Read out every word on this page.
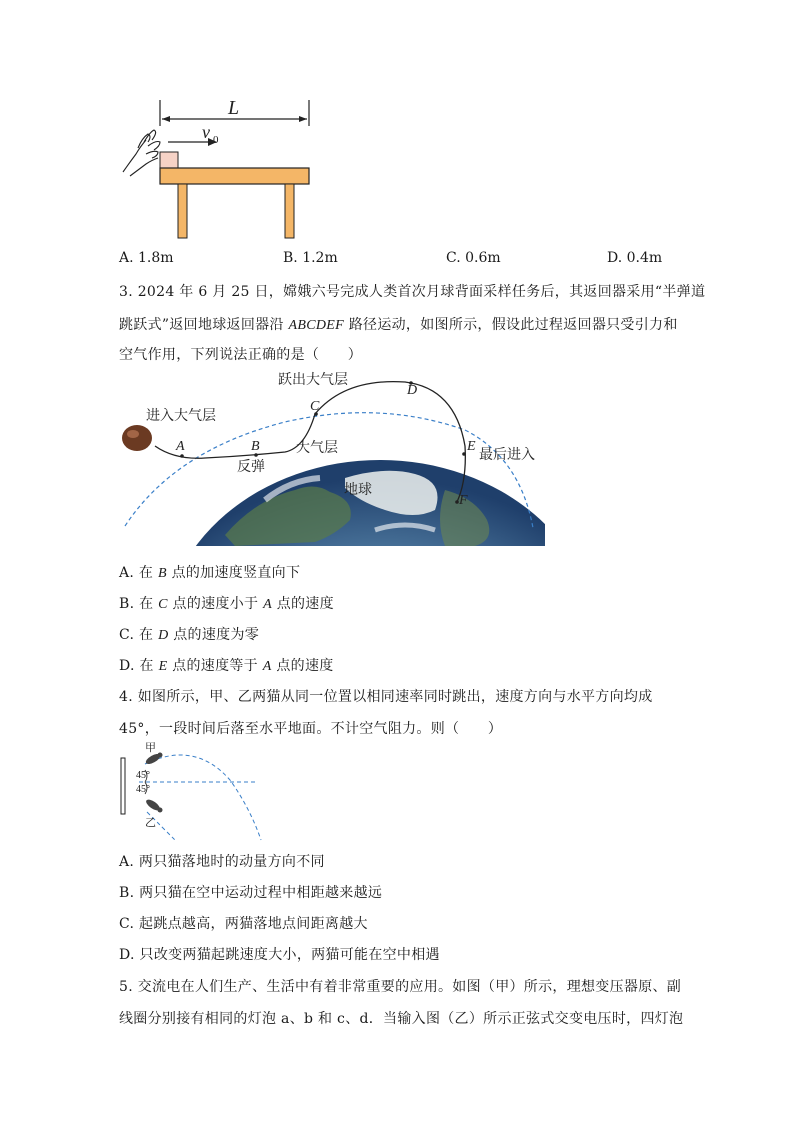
L
v 0
A. 1.8m	B. 1.2m	C. 0.6m	D. 0.4m
3. 2024 年 6 月 25 日，嫦娥六号完成人类首次月球背面采样任务后，其返回器采用“半弹道
跳跃式”返回地球返回器沿 ABCDEF 路径运动，如图所示，假设此过程返回器只受引力和
空气作用，下列说法正确的是（　　）
A	B
C
D
E
F
进入大气层
跃出大气层
大气层
反弹
最后进入
地球
A. 在 B 点的加速度竖直向下
B. 在 C 点的速度小于 A 点的速度
C. 在 D 点的速度为零
D. 在 E 点的速度等于 A 点的速度
4. 如图所示，甲、乙两猫从同一位置以相同速率同时跳出，速度方向与水平方向均成
45°，一段时间后落至水平地面。不计空气阻力。则（　　）
甲
乙
45°
45°
A. 两只猫落地时的动量方向不同
B. 两只猫在空中运动过程中相距越来越远
C. 起跳点越高，两猫落地点间距离越大
D. 只改变两猫起跳速度大小，两猫可能在空中相遇
5. 交流电在人们生产、生活中有着非常重要的应用。如图（甲）所示，理想变压器原、副
线圈分别接有相同的灯泡 a、b 和 c、d．当输入图（乙）所示正弦式交变电压时，四灯泡
